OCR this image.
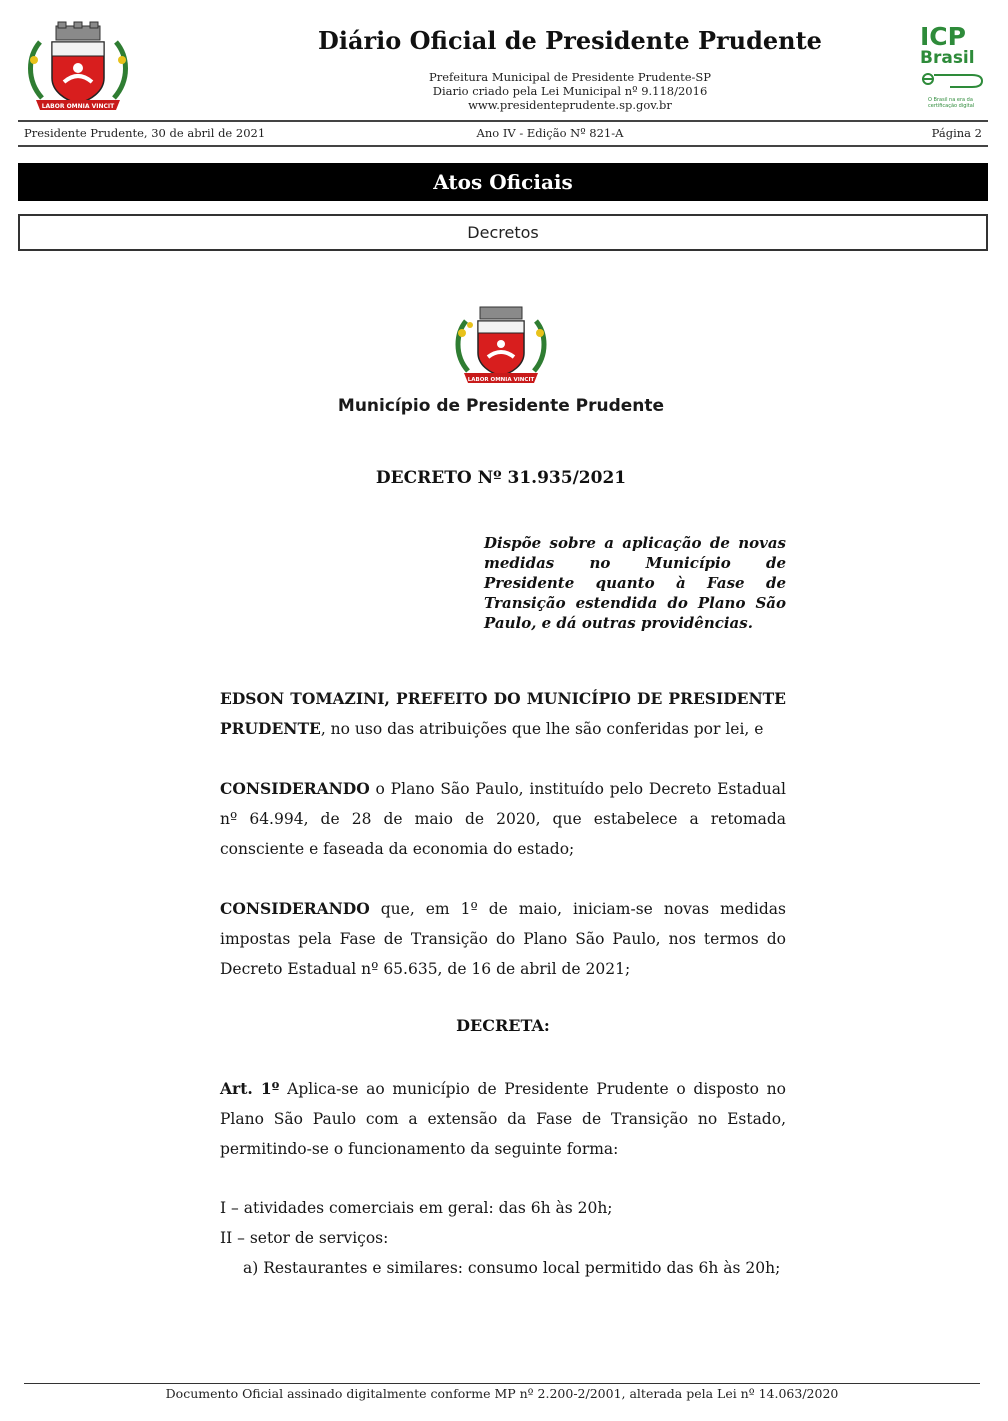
LABOR OMNIA VINCIT
Diário Oficial de Presidente Prudente
Prefeitura Municipal de Presidente Prudente-SP
Diario criado pela Lei Municipal nº 9.118/2016
www.presidenteprudente.sp.gov.br
ICP
Brasil
O Brasil na era da certificação digital
Presidente Prudente, 30 de abril de 2021	Ano IV - Edição Nº 821-A	Página 2
Atos Oficiais
Decretos
LABOR OMNIA VINCIT
Município de Presidente Prudente
DECRETO Nº 31.935/2021
Dispõe sobre a aplicação de novas medidas no Município de Presidente quanto à Fase de Transição estendida do Plano São Paulo, e dá outras providências.
EDSON TOMAZINI, PREFEITO DO MUNICÍPIO DE PRESIDENTE PRUDENTE, no uso das atribuições que lhe são conferidas por lei, e
CONSIDERANDO o Plano São Paulo, instituído pelo Decreto Estadual nº 64.994, de 28 de maio de 2020, que estabelece a retomada consciente e faseada da economia do estado;
CONSIDERANDO que, em 1º de maio, iniciam-se novas medidas impostas pela Fase de Transição do Plano São Paulo, nos termos do Decreto Estadual nº 65.635, de 16 de abril de 2021;
DECRETA:
Art. 1º Aplica-se ao município de Presidente Prudente o disposto no Plano São Paulo com a extensão da Fase de Transição no Estado, permitindo-se o funcionamento da seguinte forma:
I – atividades comerciais em geral: das 6h às 20h;
II – setor de serviços:
a) Restaurantes e similares: consumo local permitido das 6h às 20h;
Documento Oficial assinado digitalmente conforme MP nº 2.200-2/2001, alterada pela Lei nº 14.063/2020
